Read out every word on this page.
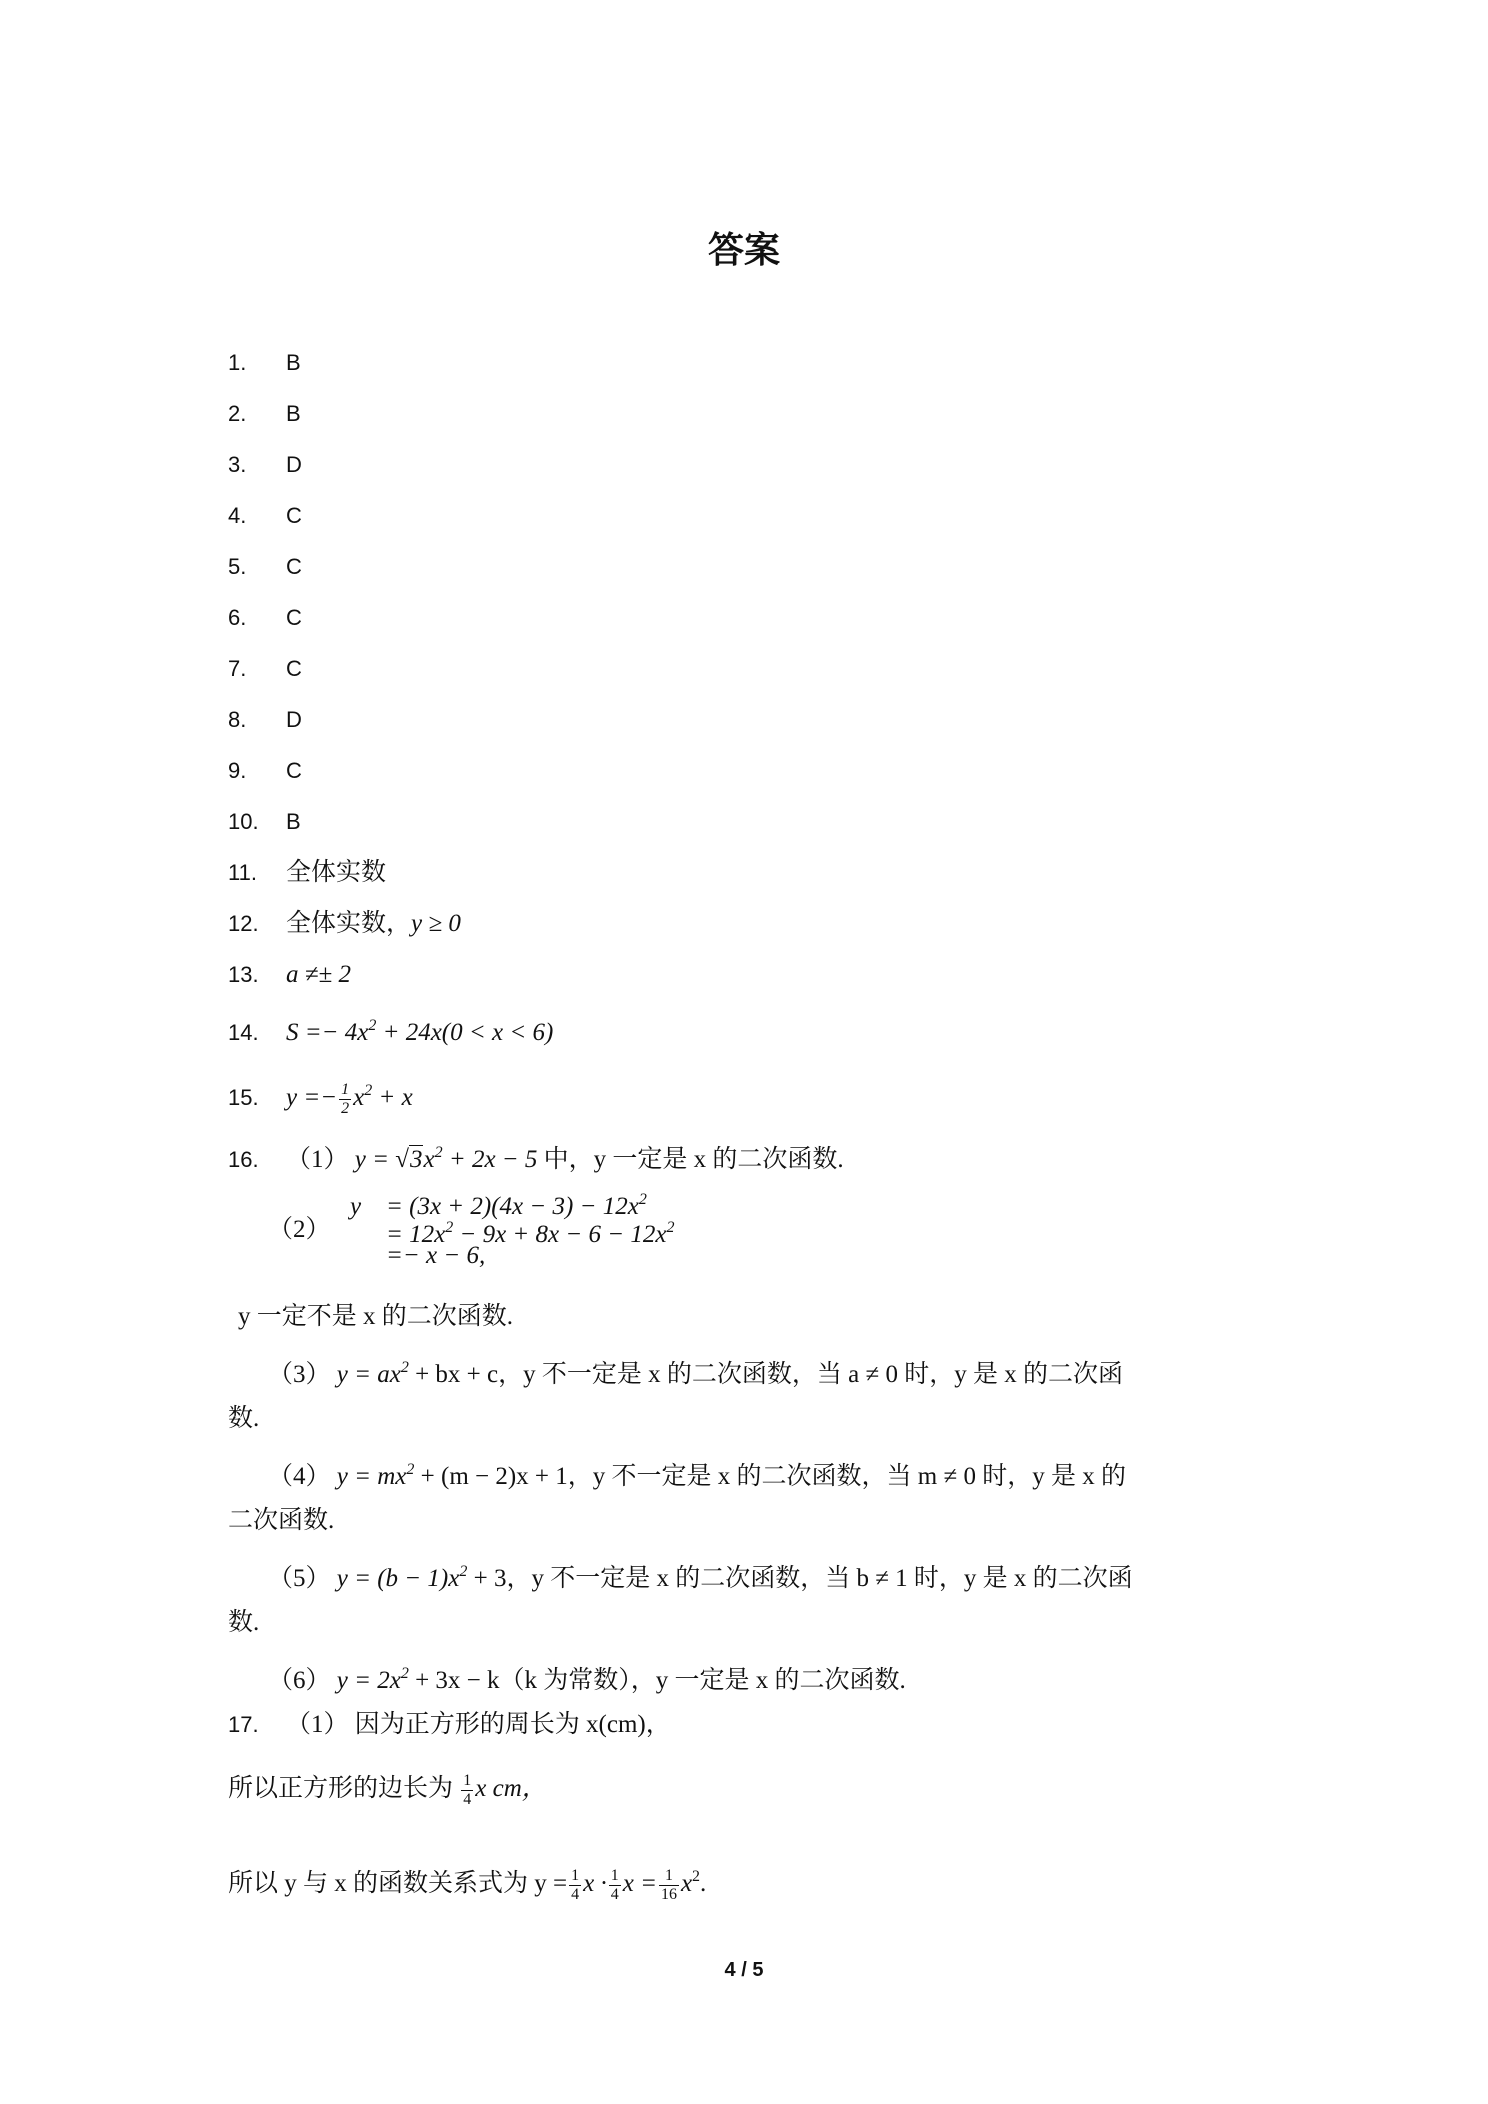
答案
1. B
2. B
3. D
4. C
5. C
6. C
7. C
8. D
9. C
10. B
11. 全体实数
12. 全体实数，y ≥ 0
13. a ≠± 2
14. $S =- 4x^2 + 24x(0 < x < 6)$
15. $y =- \frac{1}{2} x^2 + x$
16. （1） $y = √3x^2 + 2x - 5$ 中，y 一定是 x 的二次函数.
（2）
$y = (3x + 2)(4x - 3) - 12x^2$
= $12x^2 - 9x + 8x - 6 - 12x^2$
=− x − 6,
y 一定不是 x 的二次函数.
（3） $y = ax^2$ + bx + c，y 不一定是 x 的二次函数，当 a ≠ 0 时，y 是 x 的二次函
数.
（4） $y = mx^2 + (m - 2)x + 1$，y 不一定是 x 的二次函数，当 m ≠ 0 时，y 是 x 的
二次函数.
（5） $y = (b - 1)x^2 + 3$，y 不一定是 x 的二次函数，当 b ≠ 1 时，y 是 x 的二次函
数.
（6） $y = 2x^2 + 3x - k(k$ 为常数），y 一定是 x 的二次函数.
17. （1） 因为正方形的周长为 x(cm)，
所以正方形的边长为 $\frac{1}{4}$ x cm，
所以 y 与 x 的函数关系式为 $y = \frac{1}{4}$ $x \cdot \frac{1}{4}$ $x = \frac{1}{16} x^2$.
4 / 5
